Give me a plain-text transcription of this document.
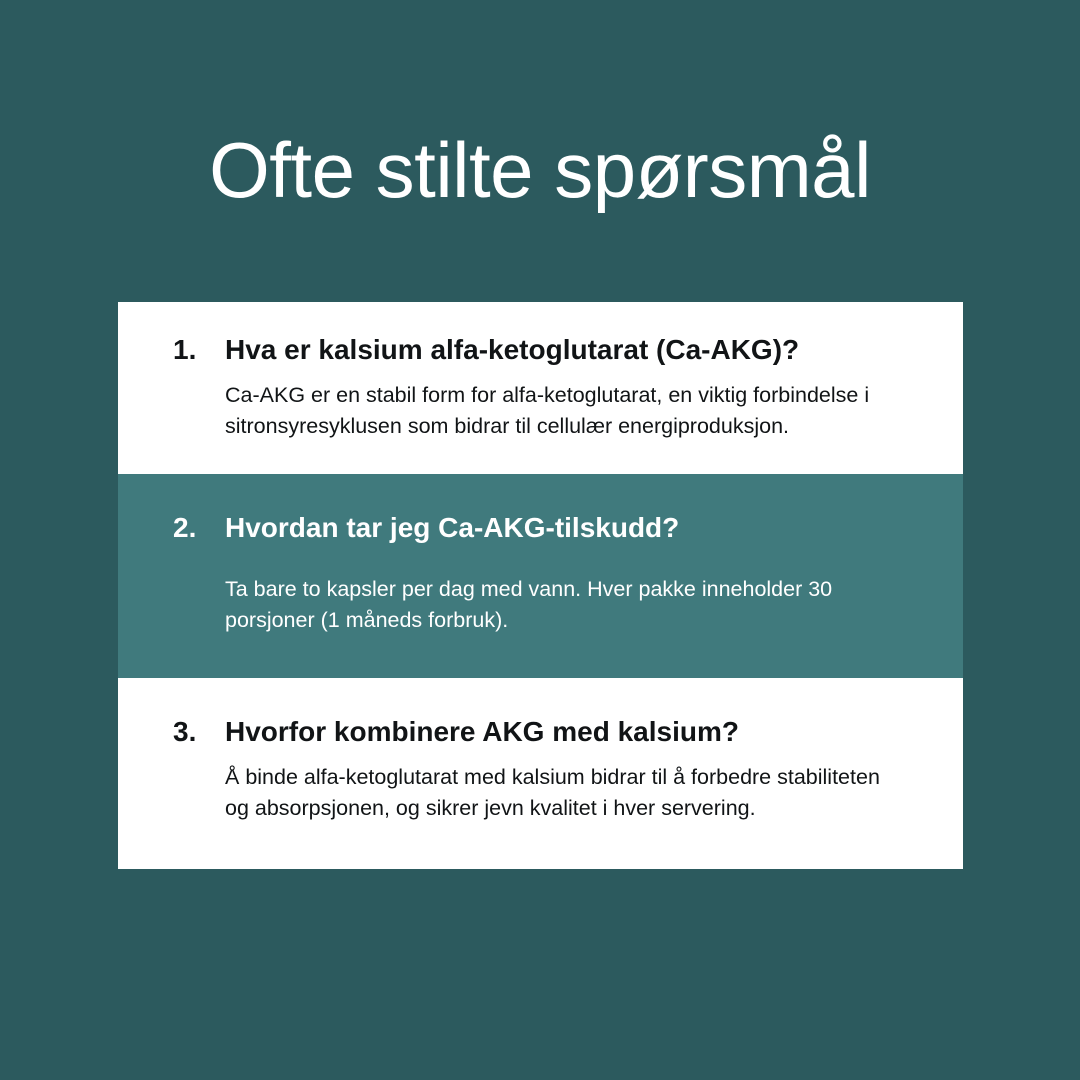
Ofte stilte spørsmål
1.	Hva er kalsium alfa-ketoglutarat (Ca-AKG)?
Ca-AKG er en stabil form for alfa-ketoglutarat, en viktig forbindelse i sitronsyresyklusen som bidrar til cellulær energiproduksjon.
2.	Hvordan tar jeg Ca-AKG-tilskudd?
Ta bare to kapsler per dag med vann. Hver pakke inneholder 30 porsjoner (1 måneds forbruk).
3.	Hvorfor kombinere AKG med kalsium?
Å binde alfa-ketoglutarat med kalsium bidrar til å forbedre stabiliteten og absorpsjonen, og sikrer jevn kvalitet i hver servering.
